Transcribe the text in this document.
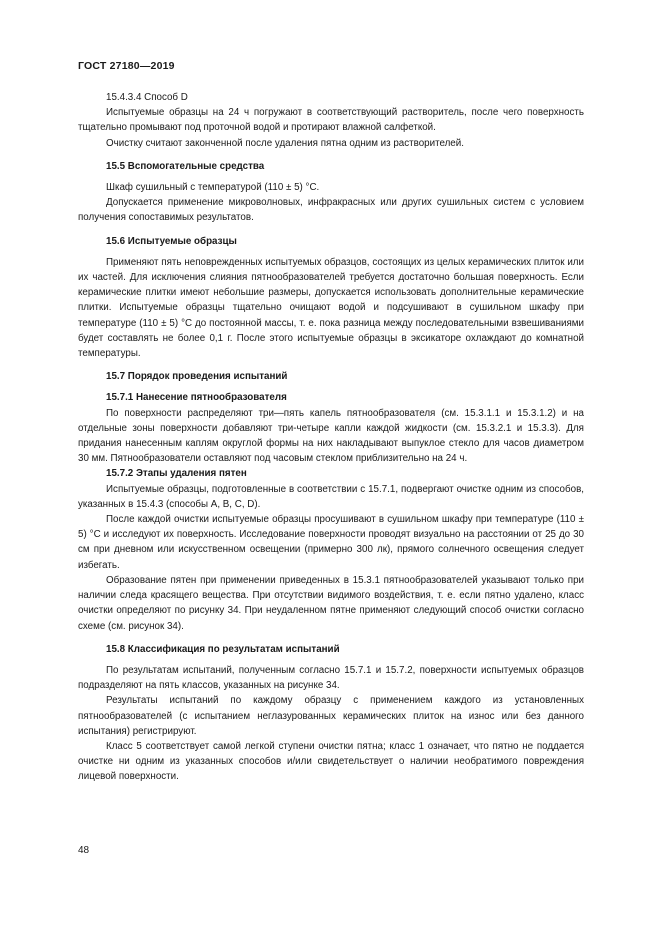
ГОСТ 27180—2019

15.4.3.4 Способ D

Испытуемые образцы на 24 ч погружают в соответствующий растворитель, после чего поверхность тщательно промывают под проточной водой и протирают влажной салфеткой.

Очистку считают законченной после удаления пятна одним из растворителей.

15.5 Вспомогательные средства

Шкаф сушильный с температурой (110 ± 5) °С.

Допускается применение микроволновых, инфракрасных или других сушильных систем с условием получения сопоставимых результатов.

15.6 Испытуемые образцы

Применяют пять неповрежденных испытуемых образцов, состоящих из целых керамических плиток или их частей. Для исключения слияния пятнообразователей требуется достаточно большая поверхность. Если керамические плитки имеют небольшие размеры, допускается использовать дополнительные керамические плитки. Испытуемые образцы тщательно очищают водой и подсушивают в сушильном шкафу при температуре (110 ± 5) °С до постоянной массы, т. е. пока разница между последовательными взвешиваниями будет составлять не более 0,1 г. После этого испытуемые образцы в эксикаторе охлаждают до комнатной температуры.

15.7 Порядок проведения испытаний
15.7.1 Нанесение пятнообразователя

По поверхности распределяют три—пять капель пятнообразователя (см. 15.3.1.1 и 15.3.1.2) и на отдельные зоны поверхности добавляют три-четыре капли каждой жидкости (см. 15.3.2.1 и 15.3.3). Для придания нанесенным каплям округлой формы на них накладывают выпуклое стекло для часов диаметром 30 мм. Пятнообразователи оставляют под часовым стеклом приблизительно на 24 ч.

15.7.2 Этапы удаления пятен

Испытуемые образцы, подготовленные в соответствии с 15.7.1, подвергают очистке одним из способов, указанных в 15.4.3 (способы А, В, С, D).

После каждой очистки испытуемые образцы просушивают в сушильном шкафу при температуре (110 ± 5) °С и исследуют их поверхность. Исследование поверхности проводят визуально на расстоянии от 25 до 30 см при дневном или искусственном освещении (примерно 300 лк), прямого солнечного освещения следует избегать.

Образование пятен при применении приведенных в 15.3.1 пятнообразователей указывают только при наличии следа красящего вещества. При отсутствии видимого воздействия, т. е. если пятно удалено, класс очистки определяют по рисунку 34. При неудаленном пятне применяют следующий способ очистки согласно схеме (см. рисунок 34).

15.8 Классификация по результатам испытаний

По результатам испытаний, полученным согласно 15.7.1 и 15.7.2, поверхности испытуемых образцов подразделяют на пять классов, указанных на рисунке 34.

Результаты испытаний по каждому образцу с применением каждого из установленных пятнообразователей (с испытанием неглазурованных керамических плиток на износ или без данного испытания) регистрируют.

Класс 5 соответствует самой легкой ступени очистки пятна; класс 1 означает, что пятно не поддается очистке ни одним из указанных способов и/или свидетельствует о наличии необратимого повреждения лицевой поверхности.

48
